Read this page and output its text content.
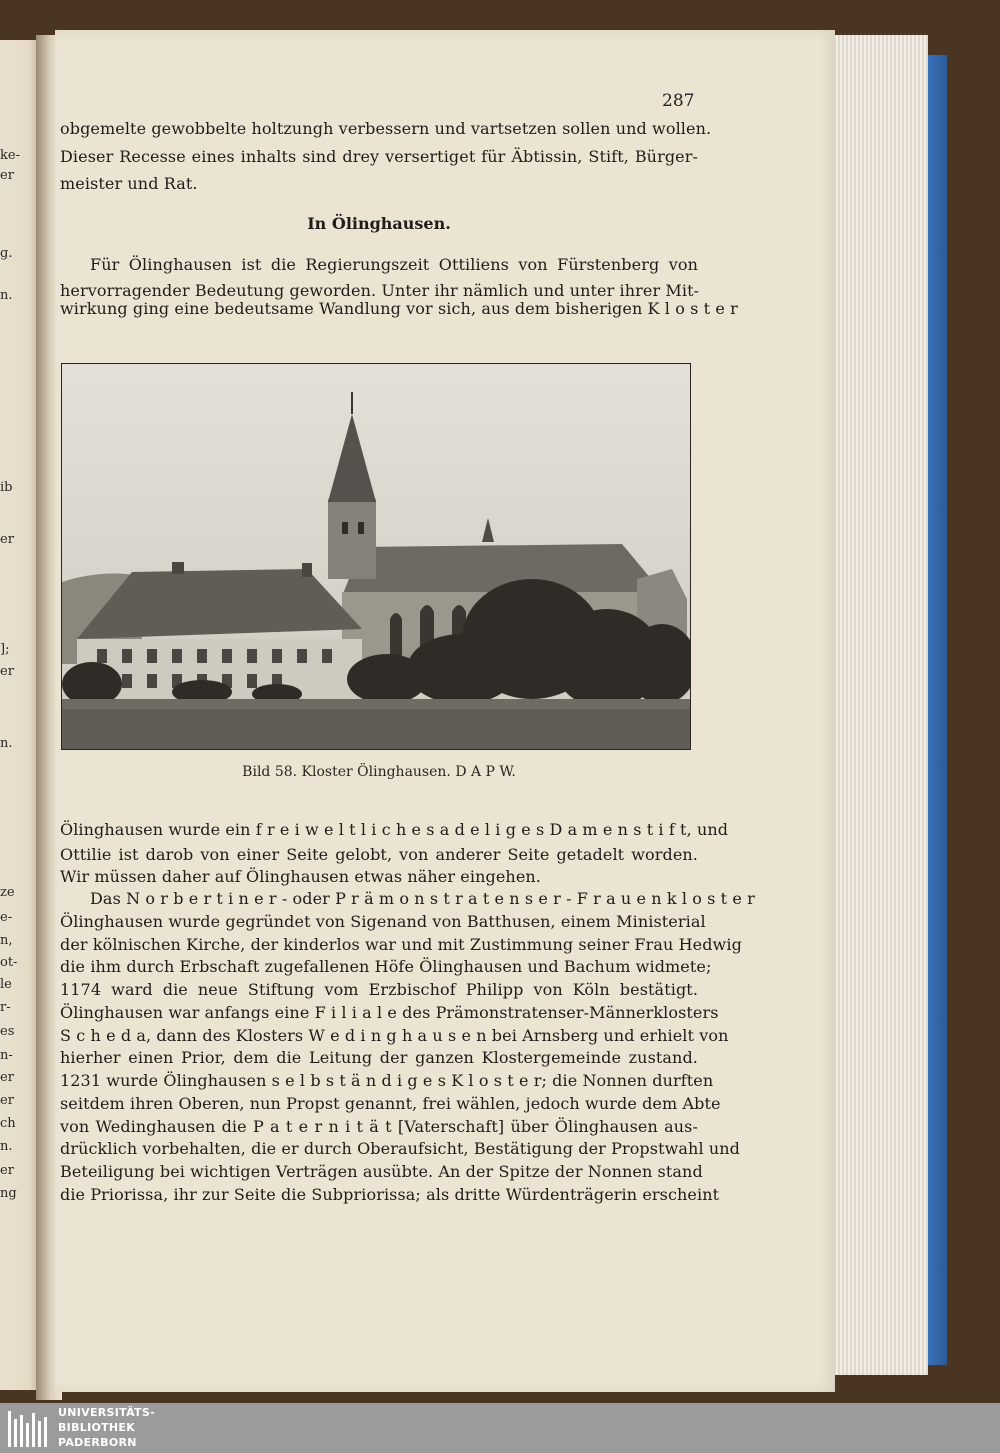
ke-
er
g.
n.
ib
er
];
er
n.
ze
e-
n,
ot-
le
r-
es
n-
er
er
ch
n.
er
ng
287
obgemelte gewobbelte holtzungh verbessern und vartsetzen sollen und wollen.
Dieser Recesse eines inhalts sind drey versertiget für Äbtissin, Stift, Bürger-
meister und Rat.
In Ölinghausen.
Für Ölinghausen ist die Regierungszeit Ottiliens von Fürstenberg von
hervorragender Bedeutung geworden. Unter ihr nämlich und unter ihrer Mit-
wirkung ging eine bedeutsame Wandlung vor sich, aus dem bisherigen K l o s t e r
Bild 58. Kloster Ölinghausen. D A P W.
Ölinghausen wurde ein f r e i w e l t l i c h e s a d e l i g e s D a m e n s t i f t, und
Ottilie ist darob von einer Seite gelobt, von anderer Seite getadelt worden.
Wir müssen daher auf Ölinghausen etwas näher eingehen.
Das N o r b e r t i n e r - oder P r ä m o n s t r a t e n s e r - F r a u e n k l o s t e r
Ölinghausen wurde gegründet von Sigenand von Batthusen, einem Ministerial
der kölnischen Kirche, der kinderlos war und mit Zustimmung seiner Frau Hedwig
die ihm durch Erbschaft zugefallenen Höfe Ölinghausen und Bachum widmete;
1174 ward die neue Stiftung vom Erzbischof Philipp von Köln bestätigt.
Ölinghausen war anfangs eine F i l i a l e des Prämonstratenser-Männerklosters
S c h e d a, dann des Klosters W e d i n g h a u s e n bei Arnsberg und erhielt von
hierher einen Prior, dem die Leitung der ganzen Klostergemeinde zustand.
1231 wurde Ölinghausen s e l b s t ä n d i g e s K l o s t e r; die Nonnen durften
seitdem ihren Oberen, nun Propst genannt, frei wählen, jedoch wurde dem Abte
von Wedinghausen die P a t e r n i t ä t [Vaterschaft] über Ölinghausen aus-
drücklich vorbehalten, die er durch Oberaufsicht, Bestätigung der Propstwahl und
Beteiligung bei wichtigen Verträgen ausübte. An der Spitze der Nonnen stand
die Priorissa, ihr zur Seite die Subpriorissa; als dritte Würdenträgerin erscheint
UNIVERSITÄTS-
BIBLIOTHEK
PADERBORN
